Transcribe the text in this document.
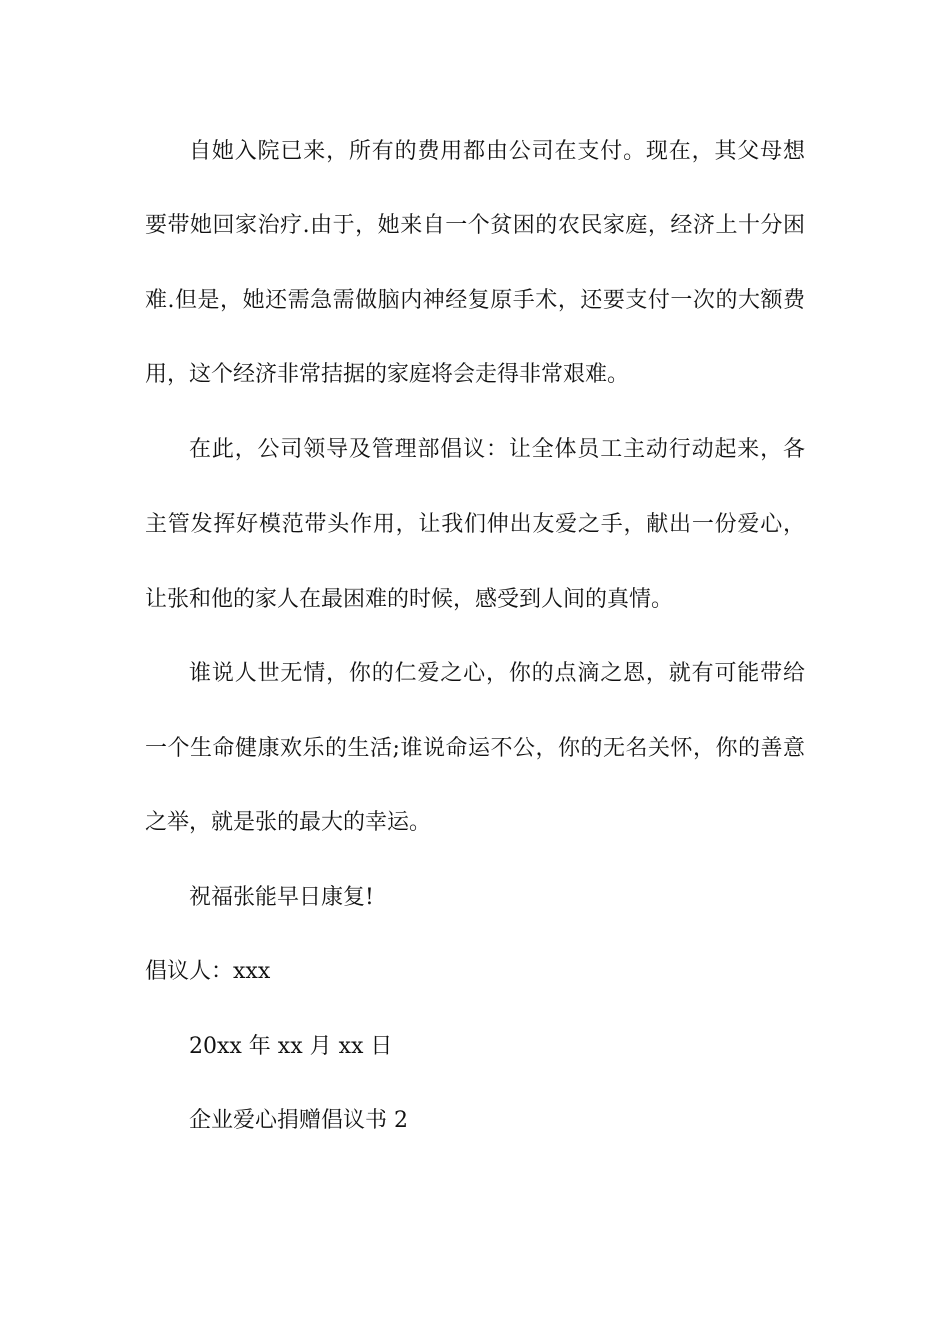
自她入院已来，所有的费用都由公司在支付。现在，其父母想
要带她回家治疗.由于，她来自一个贫困的农民家庭，经济上十分困
难.但是，她还需急需做脑内神经复原手术，还要支付一次的大额费
用，这个经济非常拮据的家庭将会走得非常艰难。
在此，公司领导及管理部倡议：让全体员工主动行动起来，各
主管发挥好模范带头作用，让我们伸出友爱之手，献出一份爱心，
让张和他的家人在最困难的时候，感受到人间的真情。
谁说人世无情，你的仁爱之心，你的点滴之恩，就有可能带给
一个生命健康欢乐的生活;谁说命运不公，你的无名关怀，你的善意
之举，就是张的最大的幸运。
祝福张能早日康复!
倡议人：xxx
20xx 年 xx 月 xx 日
企业爱心捐赠倡议书 2
